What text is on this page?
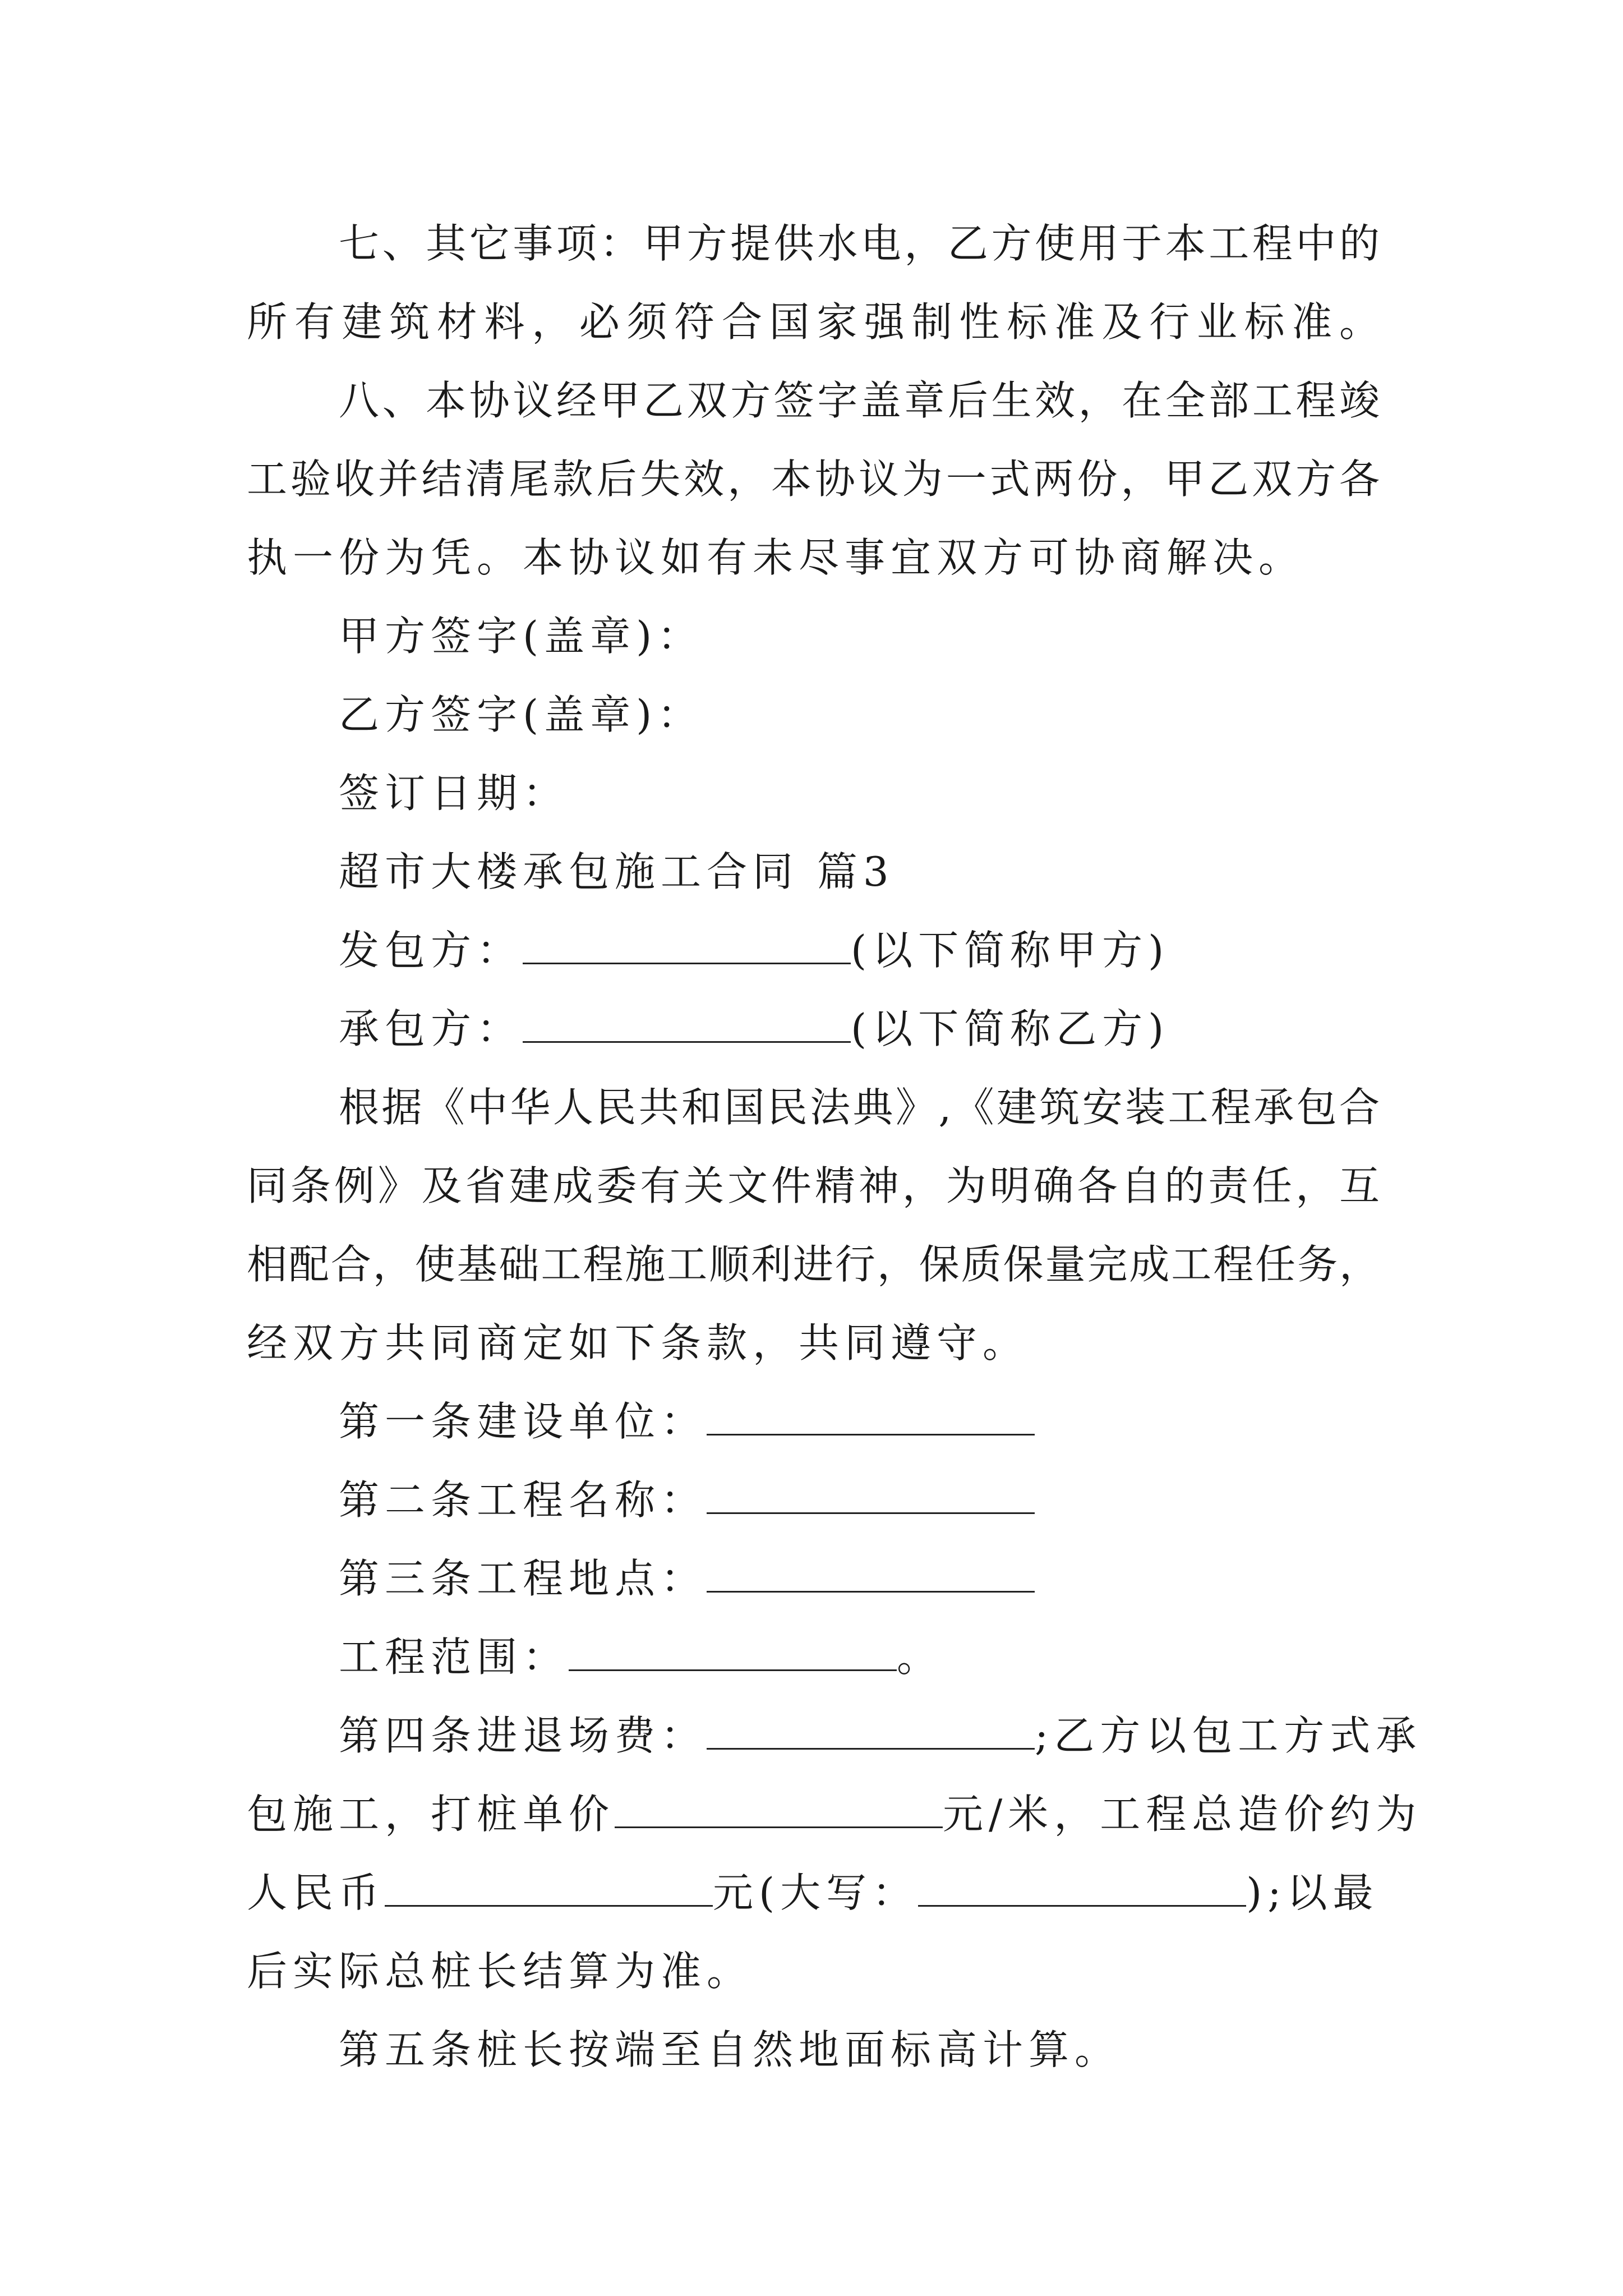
七、其它事项：甲方提供水电，乙方使用于本工程中的
所有建筑材料，必须符合国家强制性标准及行业标准。
八、本协议经甲乙双方签字盖章后生效，在全部工程竣
工验收并结清尾款后失效，本协议为一式两份，甲乙双方各
执一份为凭。本协议如有未尽事宜双方可协商解决。
甲方签字(盖章)：
乙方签字(盖章)：
签订日期：
超市大楼承包施工合同 篇3
发包方：	(以下简称甲方)
承包方：	(以下简称乙方)
根据《中华人民共和国民法典》,《建筑安装工程承包合
同条例》及省建成委有关文件精神，为明确各自的责任，互
相配合，使基础工程施工顺利进行，保质保量完成工程任务，
经双方共同商定如下条款，共同遵守。
第一条建设单位：
第二条工程名称：
第三条工程地点：
工程范围：	。
第四条进退场费：	;乙方以包工方式承
包施工，打桩单价	元/米，工程总造价约为
人民币	元(大写：	);以最
后实际总桩长结算为准。
第五条桩长按端至自然地面标高计算。
